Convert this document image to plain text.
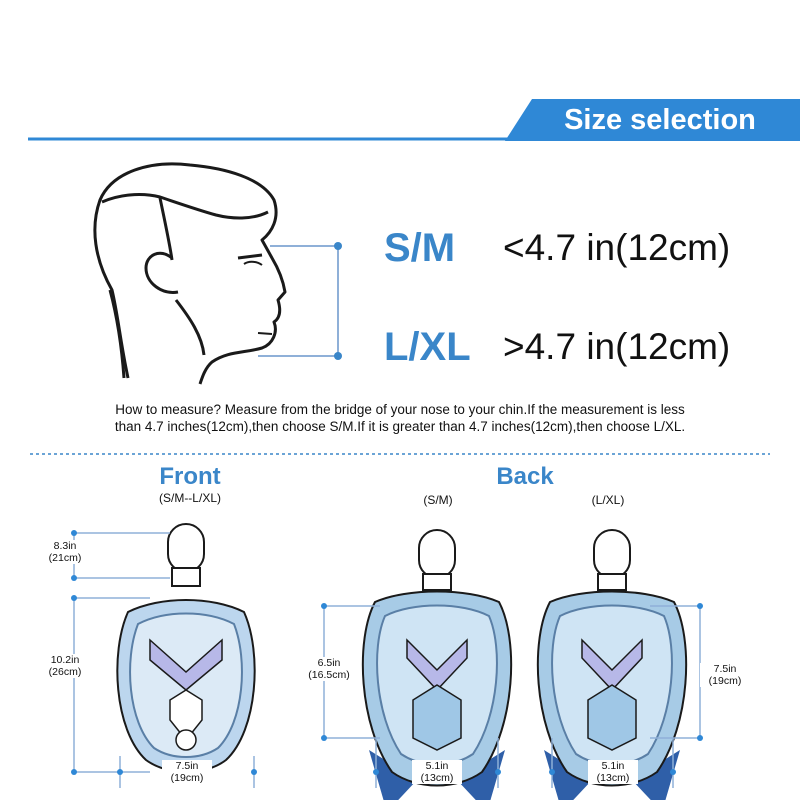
Size selection
S/M <4.7 in(12cm)
L/XL >4.7 in(12cm)
How to measure? Measure from the bridge of your nose to your chin.If the measurement is less
than 4.7 inches(12cm),then choose S/M.If it is greater than 4.7 inches(12cm),then choose L/XL.
Front
(S/M--L/XL)
Back
(S/M)	(L/XL)
8.3in
(21cm)
10.2in
(26cm)
7.5in
(19cm)
6.5in
(16.5cm)
5.1in
(13cm)
7.5in
(19cm)
5.1in
(13cm)
